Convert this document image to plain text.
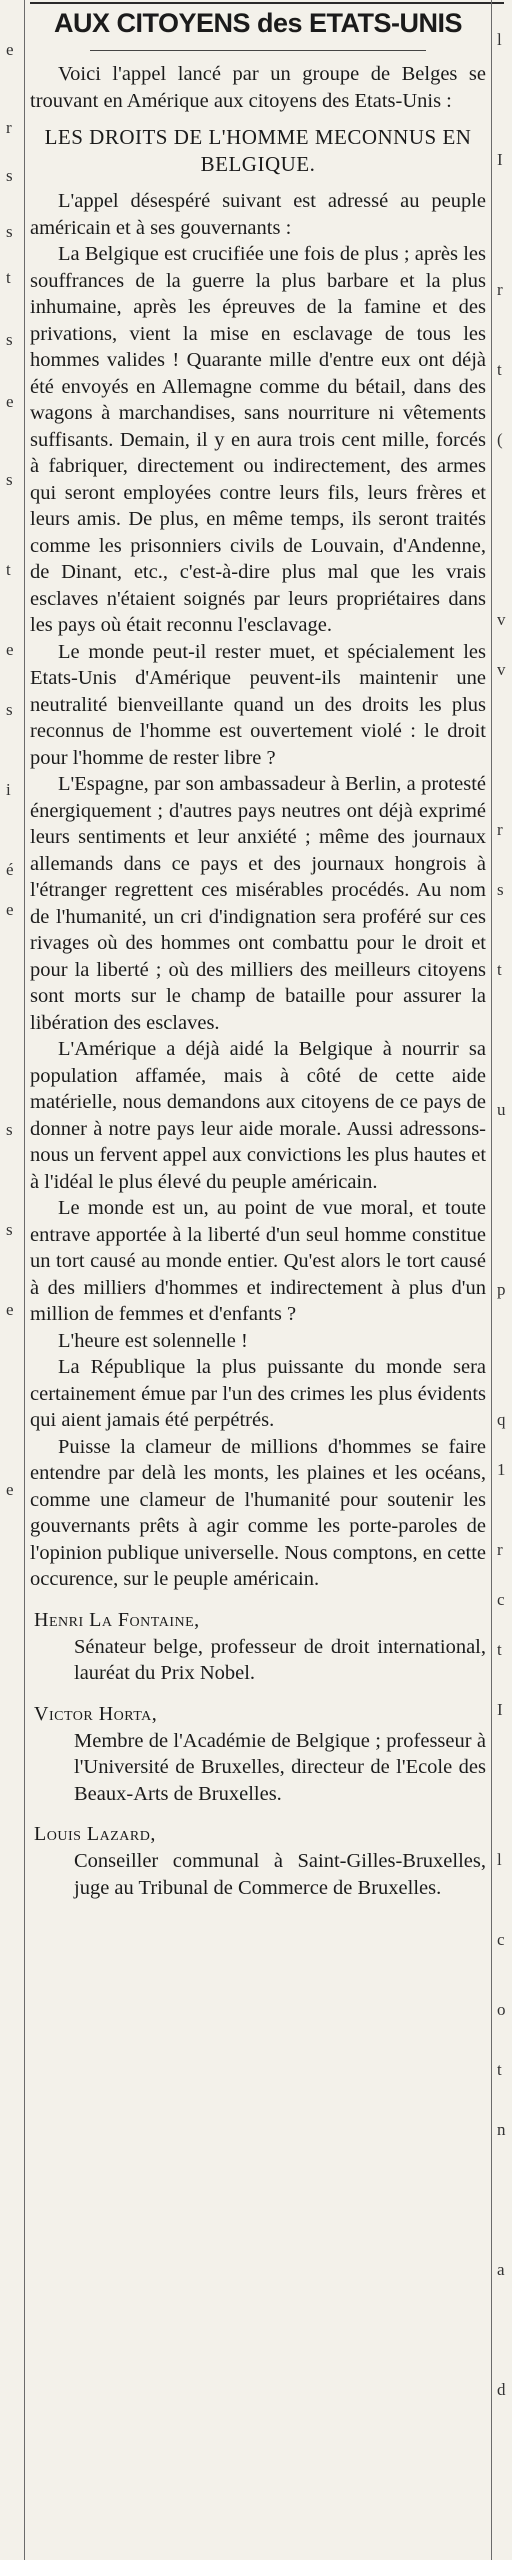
e
r
s
s
t
s
e
s
t
e
s
i
é
e
s
s
e
e
l
I
r
t
(
v
v
r
s
t
u
p
q
1
r
c
t
I
l
c
o
t
n
a
d
AUX CITOYENS des ETATS-UNIS

Voici l'appel lancé par un groupe de Belges se trouvant en Amérique aux citoyens des Etats-Unis :

LES DROITS DE L'HOMME MECONNUS EN BELGIQUE.

L'appel désespéré suivant est adressé au peuple américain et à ses gouvernants :

La Belgique est crucifiée une fois de plus ; après les souffrances de la guerre la plus barbare et la plus inhumaine, après les épreuves de la famine et des privations, vient la mise en esclavage de tous les hommes valides ! Quarante mille d'entre eux ont déjà été envoyés en Allemagne comme du bétail, dans des wagons à marchandises, sans nourriture ni vêtements suffisants. Demain, il y en aura trois cent mille, forcés à fabriquer, directement ou indirectement, des armes qui seront employées contre leurs fils, leurs frères et leurs amis. De plus, en même temps, ils seront traités comme les prisonniers civils de Louvain, d'Andenne, de Dinant, etc., c'est-à-dire plus mal que les vrais esclaves n'étaient soignés par leurs propriétaires dans les pays où était reconnu l'esclavage.

Le monde peut-il rester muet, et spécialement les Etats-Unis d'Amérique peuvent-ils maintenir une neutralité bienveillante quand un des droits les plus reconnus de l'homme est ouvertement violé : le droit pour l'homme de rester libre ?

L'Espagne, par son ambassadeur à Berlin, a protesté énergiquement ; d'autres pays neutres ont déjà exprimé leurs sentiments et leur anxiété ; même des journaux allemands dans ce pays et des journaux hongrois à l'étranger regrettent ces misérables procédés. Au nom de l'humanité, un cri d'indignation sera proféré sur ces rivages où des hommes ont combattu pour le droit et pour la liberté ; où des milliers des meilleurs citoyens sont morts sur le champ de bataille pour assurer la libération des esclaves.

L'Amérique a déjà aidé la Belgique à nourrir sa population affamée, mais à côté de cette aide matérielle, nous demandons aux citoyens de ce pays de donner à notre pays leur aide morale. Aussi adressons-nous un fervent appel aux convictions les plus hautes et à l'idéal le plus élevé du peuple américain.

Le monde est un, au point de vue moral, et toute entrave apportée à la liberté d'un seul homme constitue un tort causé au monde entier. Qu'est alors le tort causé à des milliers d'hommes et indirectement à plus d'un million de femmes et d'enfants ?

L'heure est solennelle !

La République la plus puissante du monde sera certainement émue par l'un des crimes les plus évidents qui aient jamais été perpétrés.

Puisse la clameur de millions d'hommes se faire entendre par delà les monts, les plaines et les océans, comme une clameur de l'humanité pour soutenir les gouvernants prêts à agir comme les porte-paroles de l'opinion publique universelle. Nous comptons, en cette occurence, sur le peuple américain.

Henri La Fontaine,
Sénateur belge, professeur de droit international, lauréat du Prix Nobel.
Victor Horta,
Membre de l'Académie de Belgique ; professeur à l'Université de Bruxelles, directeur de l'Ecole des Beaux-Arts de Bruxelles.
Louis Lazard,
Conseiller communal à Saint-Gilles-Bruxelles, juge au Tribunal de Commerce de Bruxelles.
